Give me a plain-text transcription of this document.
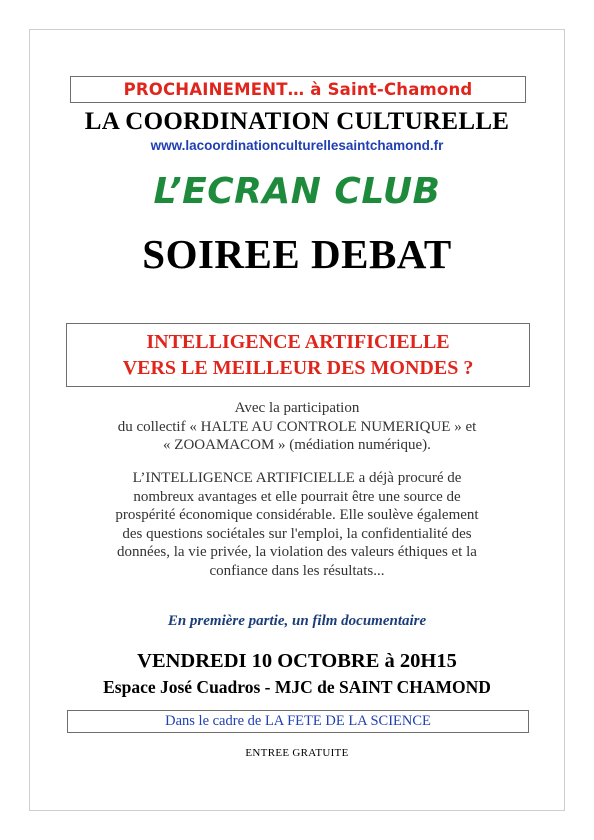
PROCHAINEMENT… à Saint-Chamond
LA COORDINATION CULTURELLE
www.lacoordinationculturellesaintchamond.fr
L’ECRAN CLUB
SOIREE DEBAT
INTELLIGENCE ARTIFICIELLE
VERS LE MEILLEUR DES MONDES ?
Avec la participation
du collectif « HALTE AU CONTROLE NUMERIQUE » et
« ZOOAMACOM » (médiation numérique).
L’INTELLIGENCE ARTIFICIELLE a déjà procuré de
nombreux avantages et elle pourrait être une source de
prospérité économique considérable. Elle soulève également
des questions sociétales sur l'emploi, la confidentialité des
données, la vie privée, la violation des valeurs éthiques et la
confiance dans les résultats...
En première partie, un film documentaire
VENDREDI 10 OCTOBRE à 20H15
Espace José Cuadros - MJC de SAINT CHAMOND
Dans le cadre de LA FETE DE LA SCIENCE
ENTREE GRATUITE
